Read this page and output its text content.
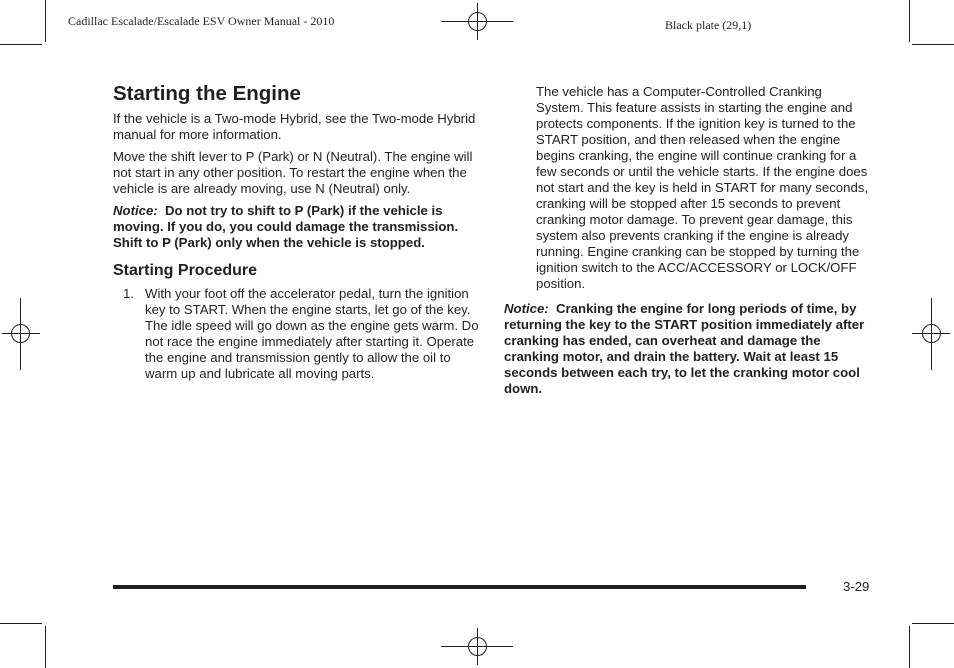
Cadillac Escalade/Escalade ESV Owner Manual - 2010	Black plate (29,1)
Starting the Engine

If the vehicle is a Two-mode Hybrid, see the Two-mode Hybrid manual for more information.

Move the shift lever to P (Park) or N (Neutral). The engine will not start in any other position. To restart the engine when the vehicle is are already moving, use N (Neutral) only.

Notice: Do not try to shift to P (Park) if the vehicle is moving. If you do, you could damage the transmission. Shift to P (Park) only when the vehicle is stopped.

Starting Procedure
1. With your foot off the accelerator pedal, turn the ignition key to START. When the engine starts, let go of the key. The idle speed will go down as the engine gets warm. Do not race the engine immediately after starting it. Operate the engine and transmission gently to allow the oil to warm up and lubricate all moving parts.

The vehicle has a Computer-Controlled Cranking System. This feature assists in starting the engine and protects components. If the ignition key is turned to the START position, and then released when the engine begins cranking, the engine will continue cranking for a few seconds or until the vehicle starts. If the engine does not start and the key is held in START for many seconds, cranking will be stopped after 15 seconds to prevent cranking motor damage. To prevent gear damage, this system also prevents cranking if the engine is already running. Engine cranking can be stopped by turning the ignition switch to the ACC/ACCESSORY or LOCK/OFF position.

Notice: Cranking the engine for long periods of time, by returning the key to the START position immediately after cranking has ended, can overheat and damage the cranking motor, and drain the battery. Wait at least 15 seconds between each try, to let the cranking motor cool down.

3-29
